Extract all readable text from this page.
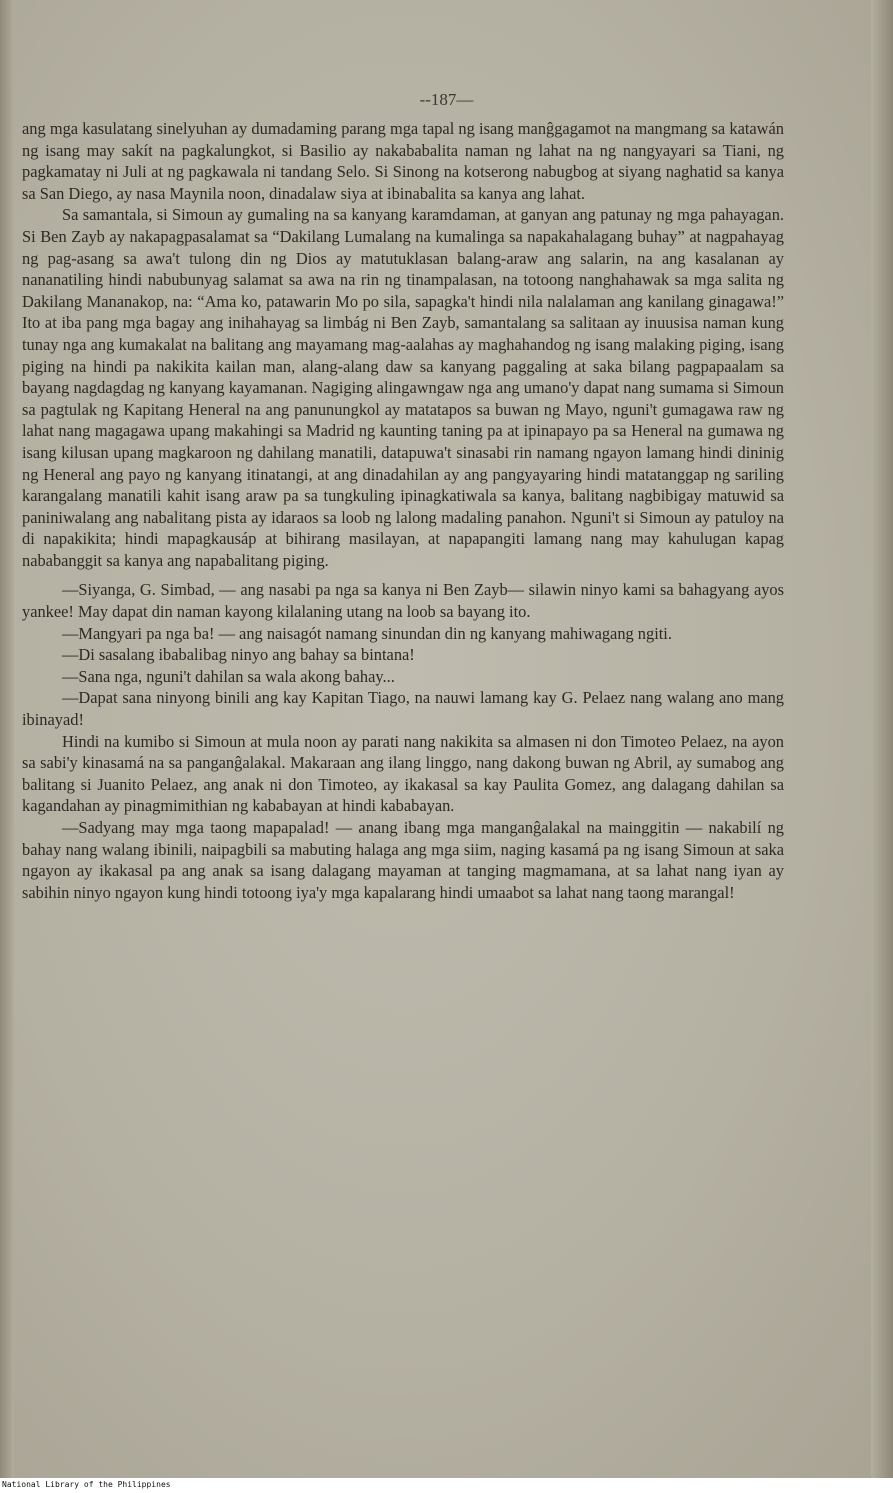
--187—

ang mga kasulatang sinelyuhan ay dumadaming parang mga tapal ng isang manĝgagamot na mangmang sa katawán ng isang may sakít na pagkalungkot, si Basilio ay nakababalita naman ng lahat na ng nangyayari sa Tiani, ng pagkamatay ni Juli at ng pagkawala ni tandang Selo. Si Sinong na kotserong nabugbog at siyang naghatid sa kanya sa San Diego, ay nasa Maynila noon, dinadalaw siya at ibinabalita sa kanya ang lahat.

Sa samantala, si Simoun ay gumaling na sa kanyang karamdaman, at ganyan ang patunay ng mga pahayagan. Si Ben Zayb ay nakapagpasalamat sa “Dakilang Lumalang na kumalinga sa napakahalagang buhay” at nagpahayag ng pag-asang sa awa't tulong din ng Dios ay matutuklasan balang-araw ang salarin, na ang kasalanan ay nananatiling hindi nabubunyag salamat sa awa na rin ng tinampalasan, na totoong nanghahawak sa mga salita ng Dakilang Mananakop, na: “Ama ko, patawarin Mo po sila, sapagka't hindi nila nalalaman ang kanilang ginagawa!” Ito at iba pang mga bagay ang inihahayag sa limbág ni Ben Zayb, samantalang sa salitaan ay inuusisa naman kung tunay nga ang kumakalat na balitang ang mayamang mag-aalahas ay maghahandog ng isang malaking piging, isang piging na hindi pa nakikita kailan man, alang-alang daw sa kanyang paggaling at saka bilang pagpapaalam sa bayang nagdagdag ng kanyang kayamanan. Nagiging alingawngaw nga ang umano'y dapat nang sumama si Simoun sa pagtulak ng Kapitang Heneral na ang panunungkol ay matatapos sa buwan ng Mayo, nguni't gumagawa raw ng lahat nang magagawa upang makahingi sa Madrid ng kaunting taning pa at ipinapayo pa sa Heneral na gumawa ng isang kilusan upang magkaroon ng dahilang manatili, datapuwa't sinasabi rin namang ngayon lamang hindi dininig ng Heneral ang payo ng kanyang itinatangi, at ang dinadahilan ay ang pangyayaring hindi matatanggap ng sariling karangalang manatili kahit isang araw pa sa tungkuling ipinagkatiwala sa kanya, balitang nagbibigay matuwid sa paniniwalang ang nabalitang pista ay idaraos sa loob ng lalong madaling panahon. Nguni't si Simoun ay patuloy na di napakikita; hindi mapagkausáp at bihirang masilayan, at napapangiti lamang nang may kahulugan kapag nababanggit sa kanya ang napabalitang piging.

—Siyanga, G. Simbad, — ang nasabi pa nga sa kanya ni Ben Zayb— silawin ninyo kami sa bahagyang ayos yankee! May dapat din naman kayong kilalaning utang na loob sa bayang ito.

—Mangyari pa nga ba! — ang naisagót namang sinundan din ng kanyang mahiwagang ngiti.

—Di sasalang ibabalibag ninyo ang bahay sa bintana!

—Sana nga, nguni't dahilan sa wala akong bahay...

—Dapat sana ninyong binili ang kay Kapitan Tiago, na nauwi lamang kay G. Pelaez nang walang ano mang ibinayad!

Hindi na kumibo si Simoun at mula noon ay parati nang nakikita sa almasen ni don Timoteo Pelaez, na ayon sa sabi'y kinasamá na sa panganĝalakal. Makaraan ang ilang linggo, nang dakong buwan ng Abril, ay sumabog ang balitang si Juanito Pelaez, ang anak ni don Timoteo, ay ikakasal sa kay Paulita Gomez, ang dalagang dahilan sa kagandahan ay pinagmimithian ng kababayan at hindi kababayan.

—Sadyang may mga taong mapapalad! — anang ibang mga manganĝalakal na mainggitin — nakabilí ng bahay nang walang ibinili, naipagbili sa mabuting halaga ang mga siim, naging kasamá pa ng isang Simoun at saka ngayon ay ikakasal pa ang anak sa isang dalagang mayaman at tanging magmamana, at sa lahat nang iyan ay sabihin ninyo ngayon kung hindi totoong iya'y mga kapalarang hindi umaabot sa lahat nang taong marangal!

National Library of the Philippines
